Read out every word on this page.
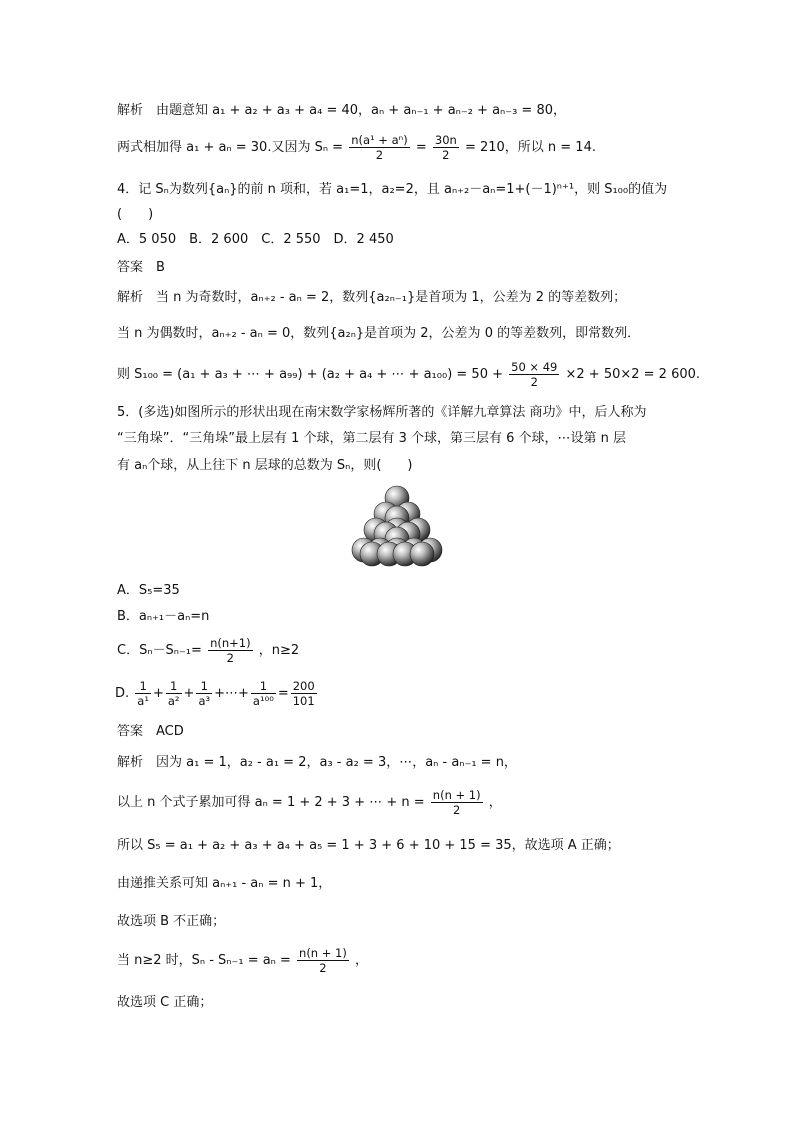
解析　由题意知 a₁ + a₂ + a₃ + a₄ = 40，aₙ + aₙ₋₁ + aₙ₋₂ + aₙ₋₃ = 80，
两式相加得 a₁ + aₙ = 30.又因为 $S_n = \frac{\text{n(a¹ + aⁿ)}}{2} = \frac{30n}{2} = 210$，所以 n = 14.
4．记 Sₙ为数列{aₙ}的前 n 项和，若 a₁=1，a₂=2，且 aₙ₊₂－aₙ=1+(－1)ⁿ⁺¹，则 S₁₀₀的值为
(　　)
A．5 050　B．2 600　C．2 550　D．2 450
答案　B
解析　当 n 为奇数时，aₙ₊₂ - aₙ = 2，数列{a₂ₙ₋₁}是首项为 1，公差为 2 的等差数列；
当 n 为偶数时，aₙ₊₂ - aₙ = 0，数列{a₂ₙ}是首项为 2，公差为 0 的等差数列，即常数列．
则 S₁₀₀ = (a₁ + a₃ + ⋯ + a₉₉) + (a₂ + a₄ + ⋯ + $a_{100}) = 50 + \frac{50 \times 49}{2} \times 2 + 50\times 2 = 2$ 600.
5．(多选)如图所示的形状出现在南宋数学家杨辉所著的《详解九章算法 商功》中，后人称为
“三角垛”．“三角垛”最上层有 1 个球，第二层有 3 个球，第三层有 6 个球，⋯设第 n 层
有 aₙ个球，从上往下 n 层球的总数为 Sₙ，则(　　)
A．S₅=35
B．aₙ₊₁－aₙ=n
C．$S_n-S_{n-1}= \frac{n(n+1)}{2}$ ，n≥2
D. $\frac{1}{\text{a¹}} + \frac{1}{\text{a²}} + \frac{1}{\text{a³}}$ +⋯+ $\frac{1}{\text{a¹⁰⁰}} = \frac{200}{101}$
答案　ACD
解析　因为 a₁ = 1，a₂ - a₁ = 2，a₃ - a₂ = 3，⋯，aₙ - aₙ₋₁ = n，
以上 n 个式子累加可得 aₙ = 1 + 2 + 3 + ⋯ + $n = \frac{n(n + 1)}{2}$ ，
所以 S₅ = a₁ + a₂ + a₃ + a₄ + a₅ = 1 + 3 + 6 + 10 + 15 = 35，故选项 A 正确；
由递推关系可知 aₙ₊₁ - aₙ = n + 1，
故选项 B 不正确；
当 n≥2 时，$S_n - S_{n-1} = a_n = \frac{n(n + 1)}{2}$ ，
故选项 C 正确；
